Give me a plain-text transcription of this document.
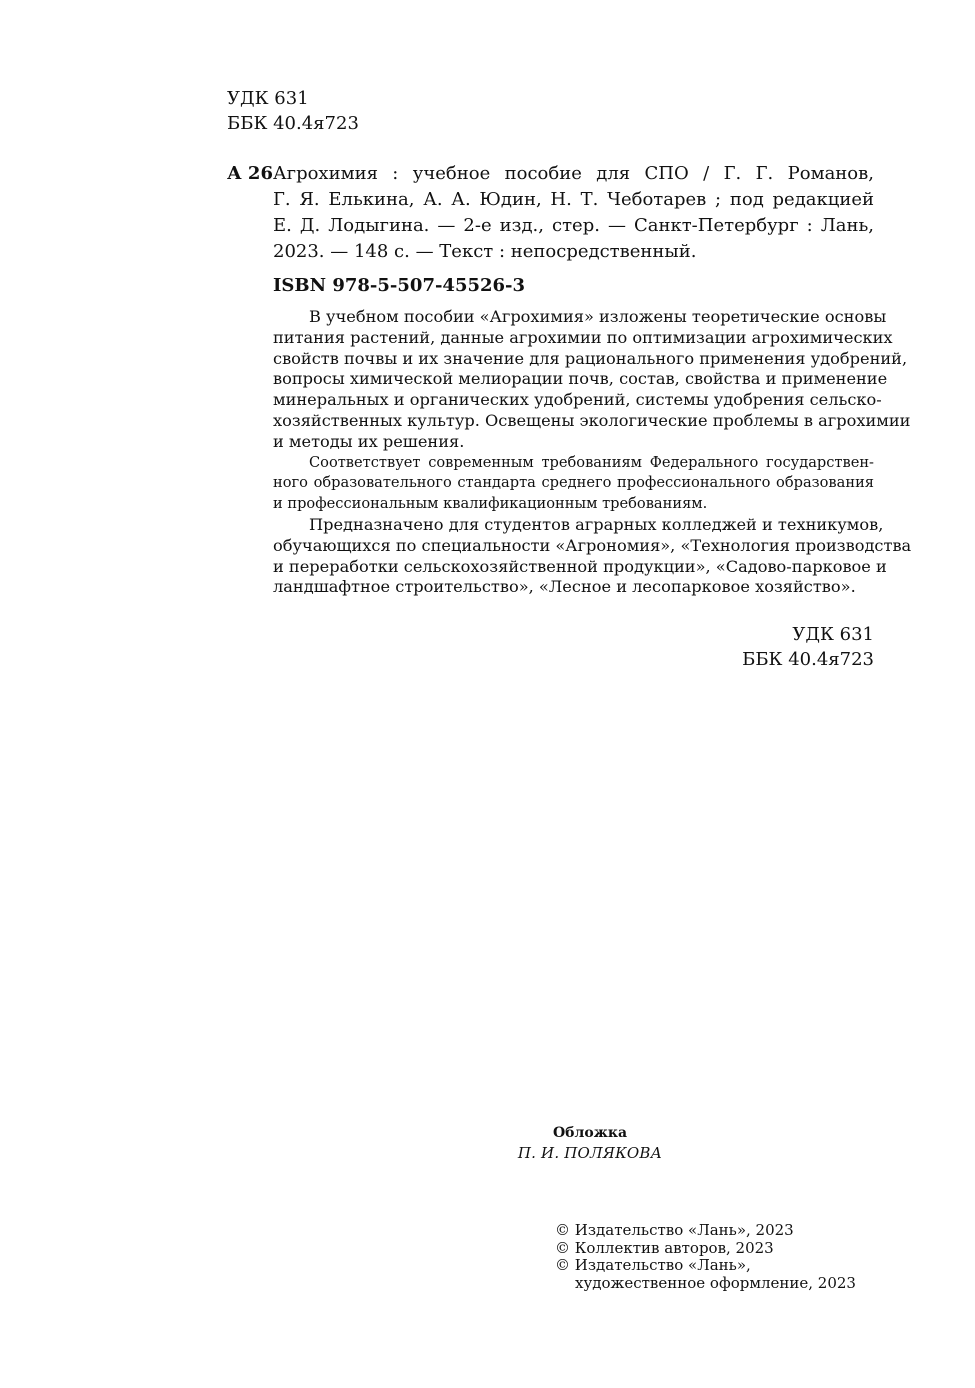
УДК 631
ББК 40.4я723
А 26 Агрохимия : учебное пособие для СПО / Г. Г. Романов,
Г. Я. Елькина, А. А. Юдин, Н. Т. Чеботарев ; под редакцией
Е. Д. Лодыгина. — 2-е изд., стер. — Санкт-Петербург : Лань,
2023. — 148 с. — Текст : непосредственный.
ISBN 978-5-507-45526-3
В учебном пособии «Агрохимия» изложены теоретические основы
питания растений, данные агрохимии по оптимизации агрохимических
свойств почвы и их значение для рационального применения удобрений,
вопросы химической мелиорации почв, состав, свойства и применение
минеральных и органических удобрений, системы удобрения сельско-
хозяйственных культур. Освещены экологические проблемы в агрохимии
и методы их решения.
Соответствует современным требованиям Федерального государствен-
ного образовательного стандарта среднего профессионального образования
и профессиональным квалификационным требованиям.
Предназначено для студентов аграрных колледжей и техникумов,
обучающихся по специальности «Агрономия», «Технология производства
и переработки сельскохозяйственной продукции», «Садово-парковое и
ландшафтное строительство», «Лесное и лесопарковое хозяйство».
УДК 631
ББК 40.4я723
Обложка
П. И. ПОЛЯКОВА
© Издательство «Лань», 2023
© Коллектив авторов, 2023
© Издательство «Лань»,
художественное оформление, 2023
